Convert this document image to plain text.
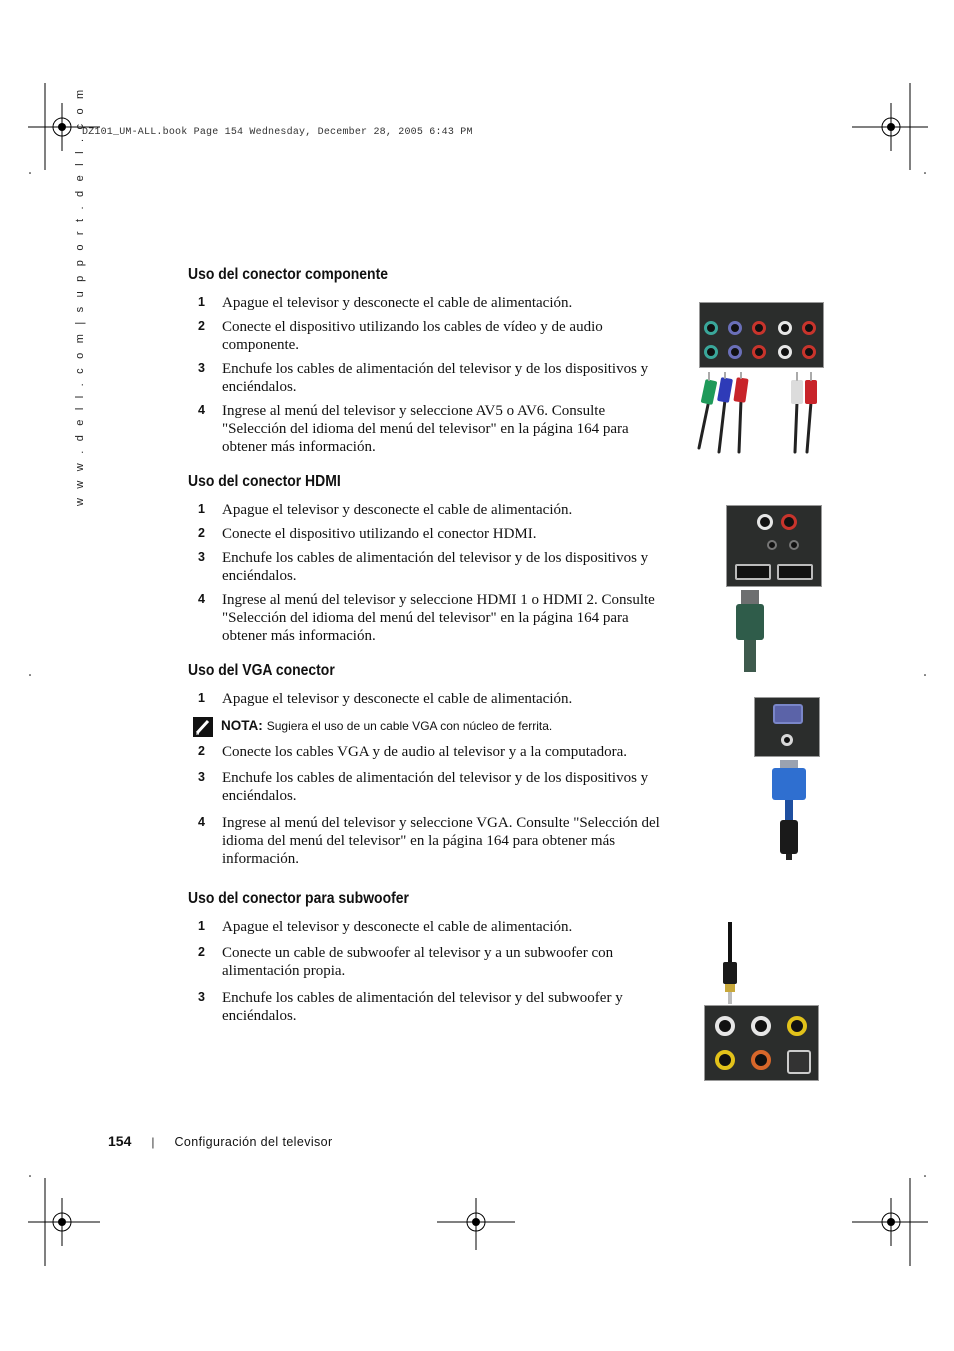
DZ101_UM-ALL.book Page 154 Wednesday, December 28, 2005 6:43 PM
w w w . d e l l . c o m | s u p p o r t . d e l l . c o m	Uso del conector componente
1 Apague el televisor y desconecte el cable de alimentación.
2 Conecte el dispositivo utilizando los cables de vídeo y de audio componente.
3 Enchufe los cables de alimentación del televisor y de los dispositivos y enciéndalos.
4 Ingrese al menú del televisor y seleccione AV5 o AV6. Consulte "Selección del idioma del menú del televisor" en la página 164 para obtener más información.
Uso del conector HDMI
1 Apague el televisor y desconecte el cable de alimentación.
2 Conecte el dispositivo utilizando el conector HDMI.
3 Enchufe los cables de alimentación del televisor y de los dispositivos y enciéndalos.
4 Ingrese al menú del televisor y seleccione HDMI 1 o HDMI 2. Consulte "Selección del idioma del menú del televisor" en la página 164 para obtener más información.
Uso del VGA conector
1 Apague el televisor y desconecte el cable de alimentación.
NOTA: Sugiera el uso de un cable VGA con núcleo de ferrita.
2 Conecte los cables VGA y de audio al televisor y a la computadora.
3 Enchufe los cables de alimentación del televisor y de los dispositivos y enciéndalos.
4 Ingrese al menú del televisor y seleccione VGA. Consulte "Selección del idioma del menú del televisor" en la página 164 para obtener más información.
Uso del conector para subwoofer
1 Apague el televisor y desconecte el cable de alimentación.
2 Conecte un cable de subwoofer al televisor y a un subwoofer con alimentación propia.
3 Enchufe los cables de alimentación del televisor y del subwoofer y enciéndalos.
154 | Configuración del televisor
